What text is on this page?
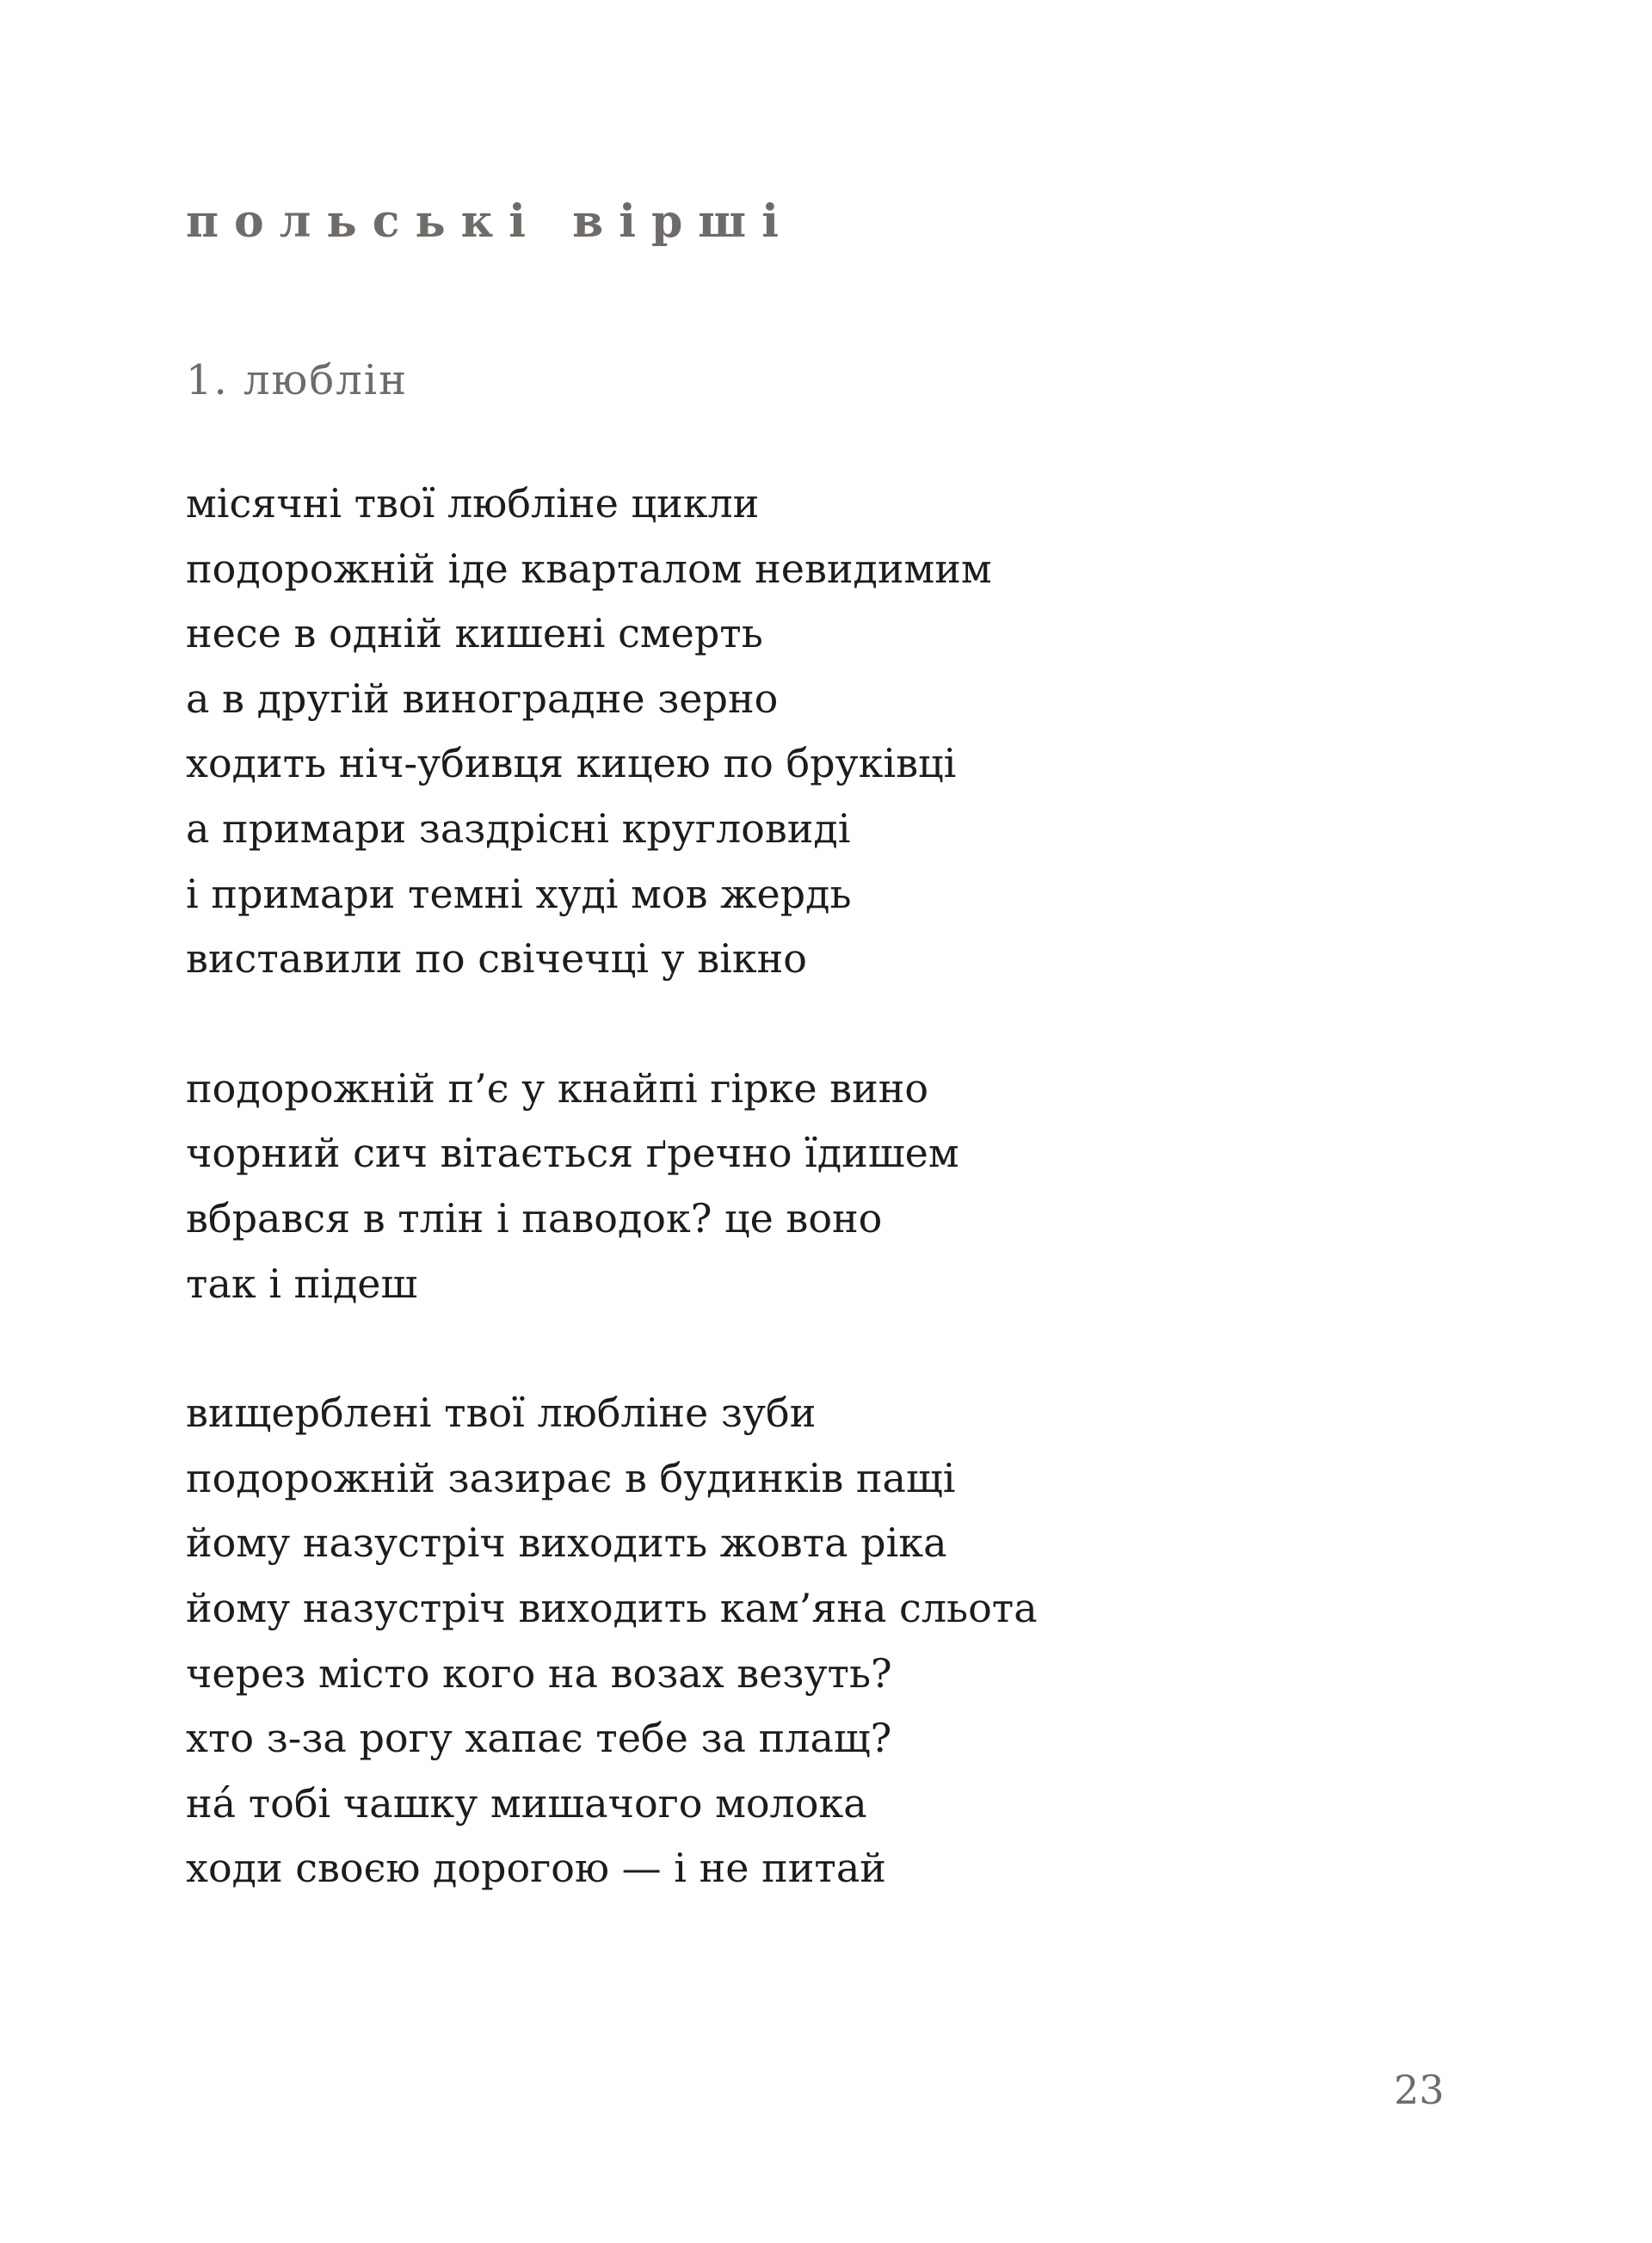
польські вірші
1. люблін

місячні твої любліне цикли
подорожній іде кварталом невидимим
несе в одній кишені смерть
а в другій виноградне зерно
ходить ніч-убивця кицею по бруківці
а примари заздрісні кругловиді
і примари темні худі мов жердь
виставили по свічечці у вікно

подорожній п’є у кнайпі гірке вино
чорний сич вітається ґречно їдишем
вбрався в тлін і паводок? це воно
так і підеш

вищерблені твої любліне зуби
подорожній зазирає в будинків пащі
йому назустріч виходить жовта ріка
йому назустріч виходить кам’яна сльота
через місто кого на возах везуть?
хто з-за рогу хапає тебе за плащ?
нá тобі чашку мишачого молока
ходи своєю дорогою — і не питай

23
